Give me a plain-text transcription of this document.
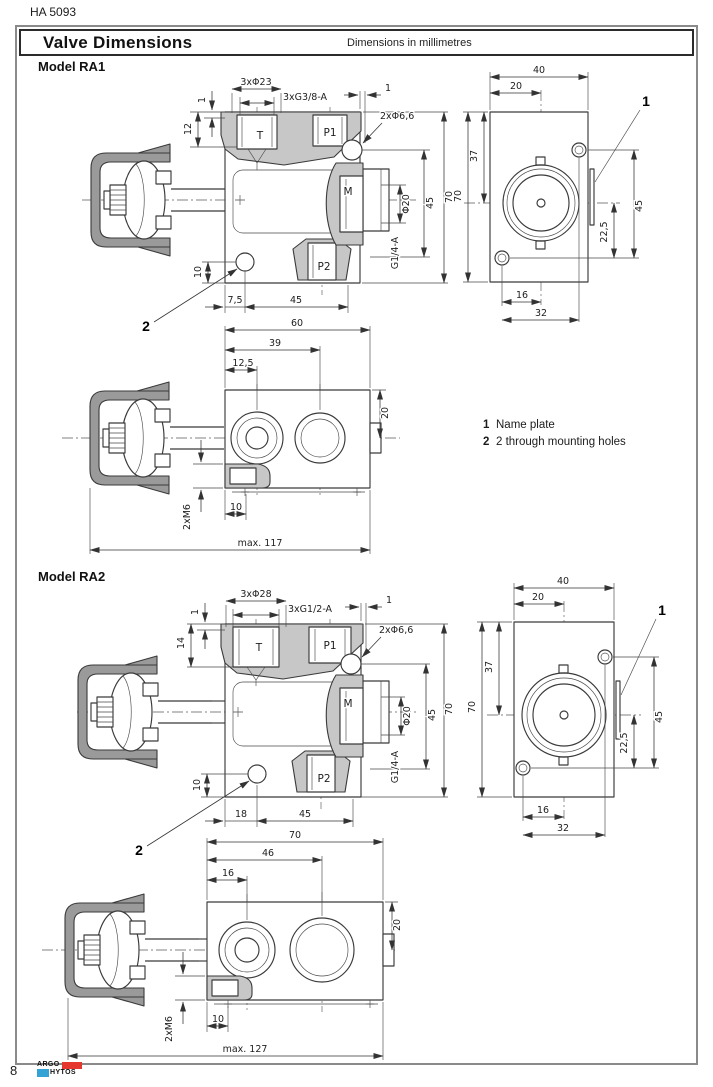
HA 5093
Valve Dimensions	Dimensions in millimetres
Model RA1
Model RA2
1 Name plate
2 2 through mounting holes
T	P1
M
P2
3xΦ23
3xG3/8-A
1
12
1
2xΦ6,6
Φ20 45 70
G1/4-A
10
7,5	45
2
40
20
70
37
45
22,5
16
32
1
60
39
12,5
20
2xM6	10
max. 117
T	P1
M
P2
3xΦ28
3xG1/2-A
1
14
1
2xΦ6,6
Φ20 45 70
G1/4-A
10
18	45
2
40
20
70
37
45
22,5
16
32
1
70
46
16
20
2xM6	10
max. 127
8	ARGO
HYTOS
